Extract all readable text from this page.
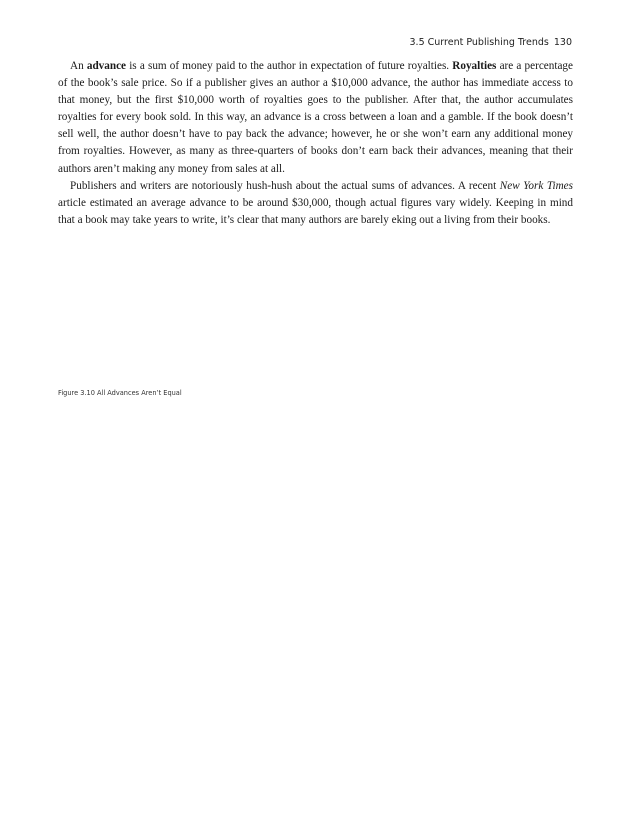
3.5 Current Publishing Trends 130

An advance is a sum of money paid to the author in expectation of future royalties. Royalties are a percentage of the book’s sale price. So if a publisher gives an author a $10,000 advance, the author has immediate access to that money, but the first $10,000 worth of royalties goes to the publisher. After that, the author accumulates royalties for every book sold. In this way, an advance is a cross between a loan and a gamble. If the book doesn’t sell well, the author doesn’t have to pay back the advance; however, he or she won’t earn any additional money from royalties. However, as many as three-quarters of books don’t earn back their advances, meaning that their authors aren’t making any money from sales at all.

Publishers and writers are notoriously hush-hush about the actual sums of advances. A recent New York Times article estimated an average advance to be around $30,000, though actual figures vary widely. Keeping in mind that a book may take years to write, it’s clear that many authors are barely eking out a living from their books.

Figure 3.10 All Advances Aren’t Equal
